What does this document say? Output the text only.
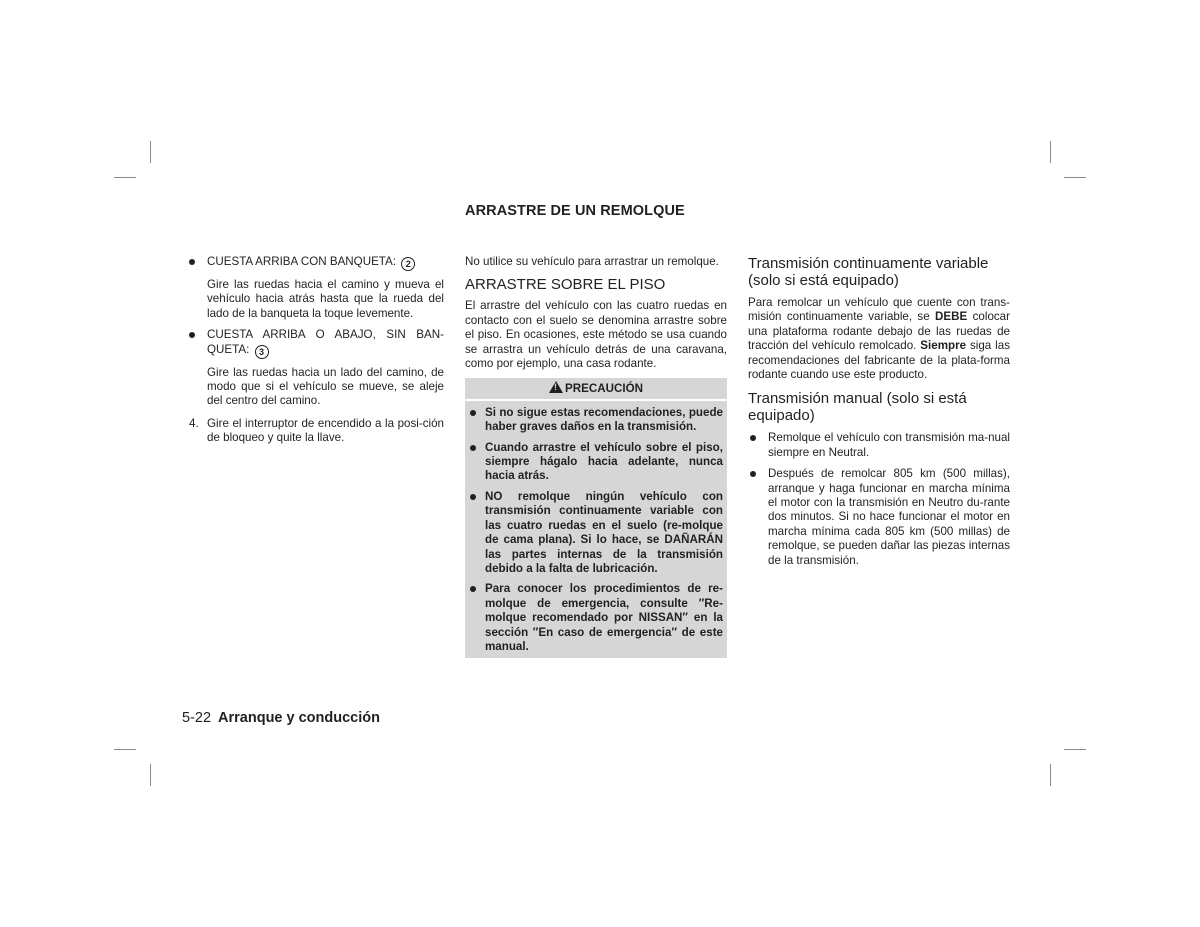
ARRASTRE DE UN REMOLQUE

CUESTA ARRIBA CON BANQUETA: 2

Gire las ruedas hacia el camino y mueva el vehículo hacia atrás hasta que la rueda del lado de la banqueta la toque levemente.

CUESTA ARRIBA O ABAJO, SIN BAN-QUETA: 3

Gire las ruedas hacia un lado del camino, de modo que si el vehículo se mueve, se aleje del centro del camino.

4. Gire el interruptor de encendido a la posi-ción de bloqueo y quite la llave.

No utilice su vehículo para arrastrar un remolque.

ARRASTRE SOBRE EL PISO

El arrastre del vehículo con las cuatro ruedas en contacto con el suelo se denomina arrastre sobre el piso. En ocasiones, este método se usa cuando se arrastra un vehículo detrás de una caravana, como por ejemplo, una casa rodante.

! PRECAUCIÓN

Si no sigue estas recomendaciones, puede haber graves daños en la transmisión.

Cuando arrastre el vehículo sobre el piso, siempre hágalo hacia adelante, nunca hacia atrás.

NO remolque ningún vehículo con transmisión continuamente variable con las cuatro ruedas en el suelo (re-molque de cama plana). Si lo hace, se DAÑARÁN las partes internas de la transmisión debido a la falta de lubricación.

Para conocer los procedimientos de re-molque de emergencia, consulte ″Re-molque recomendado por NISSAN″ en la sección ″En caso de emergencia″ de este manual.

Transmisión continuamente variable (solo si está equipado)

Para remolcar un vehículo que cuente con trans-misión continuamente variable, se DEBE colocar una plataforma rodante debajo de las ruedas de tracción del vehículo remolcado. Siempre siga las recomendaciones del fabricante de la plata-forma rodante cuando use este producto.

Transmisión manual (solo si está equipado)

Remolque el vehículo con transmisión ma-nual siempre en Neutral.

Después de remolcar 805 km (500 millas), arranque y haga funcionar en marcha mínima el motor con la transmisión en Neutro du-rante dos minutos. Si no hace funcionar el motor en marcha mínima cada 805 km (500 millas) de remolque, se pueden dañar las piezas internas de la transmisión.

5-22 Arranque y conducción
